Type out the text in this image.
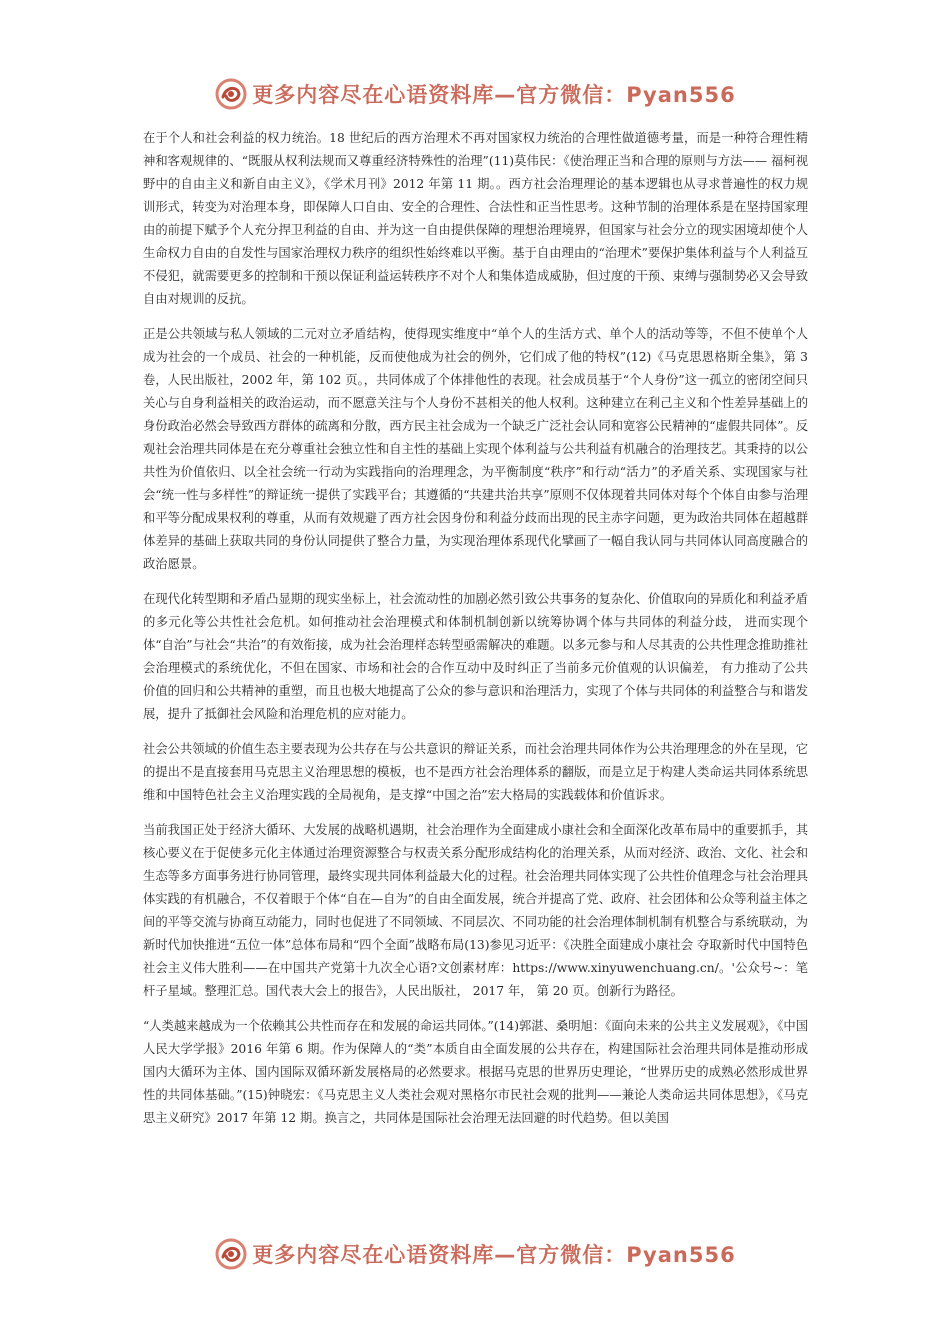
更多内容尽在心语资料库—官方微信：Pyan556

在于个人和社会利益的权力统治。18 世纪后的西方治理术不再对国家权力统治的合理性做道德考量，而是一种符合理性精神和客观规律的、“既服从权利法规而又尊重经济特殊性的治理”(11)莫伟民：《使治理正当和合理的原则与方法—— 福柯视野中的自由主义和新自由主义》，《学术月刊》2012 年第 11 期。。西方社会治理理论的基本逻辑也从寻求普遍性的权力规训形式，转变为对治理本身，即保障人口自由、安全的合理性、合法性和正当性思考。这种节制的治理体系是在坚持国家理由的前提下赋予个人充分捍卫利益的自由、并为这一自由提供保障的理想治理境界，但国家与社会分立的现实困境却使个人生命权力自由的自发性与国家治理权力秩序的组织性始终难以平衡。基于自由理由的“治理术”要保护集体利益与个人利益互不侵犯，就需要更多的控制和干预以保证利益运转秩序不对个人和集体造成威胁，但过度的干预、束缚与强制势必又会导致自由对规训的反抗。

正是公共领域与私人领域的二元对立矛盾结构，使得现实维度中“单个人的生活方式、单个人的活动等等，不但不使单个人成为社会的一个成员、社会的一种机能，反而使他成为社会的例外，它们成了他的特权”(12)《马克思恩格斯全集》，第 3 卷，人民出版社，2002 年，第 102 页。，共同体成了个体排他性的表现。社会成员基于“个人身份”这一孤立的密闭空间只关心与自身利益相关的政治运动，而不愿意关注与个人身份不甚相关的他人权利。这种建立在利己主义和个性差异基础上的身份政治必然会导致西方群体的疏离和分散，西方民主社会成为一个缺乏广泛社会认同和宽容公民精神的“虚假共同体”。反观社会治理共同体是在充分尊重社会独立性和自主性的基础上实现个体利益与公共利益有机融合的治理技艺。其秉持的以公共性为价值依归、以全社会统一行动为实践指向的治理理念，为平衡制度“秩序”和行动“活力”的矛盾关系、实现国家与社会“统一性与多样性”的辩证统一提供了实践平台；其遵循的“共建共治共享”原则不仅体现着共同体对每个个体自由参与治理和平等分配成果权利的尊重，从而有效规避了西方社会因身份和利益分歧而出现的民主赤字问题，更为政治共同体在超越群体差异的基础上获取共同的身份认同提供了整合力量，为实现治理体系现代化擘画了一幅自我认同与共同体认同高度融合的政治愿景。

在现代化转型期和矛盾凸显期的现实坐标上，社会流动性的加剧必然引致公共事务的复杂化、价值取向的异质化和利益矛盾的多元化等公共性社会危机。如何推动社会治理模式和体制机制创新以统筹协调个体与共同体的利益分歧， 进而实现个体“自治”与社会“共治”的有效衔接，成为社会治理样态转型亟需解决的难题。以多元参与和人尽其责的公共性理念推助推社会治理模式的系统优化，不但在国家、市场和社会的合作互动中及时纠正了当前多元价值观的认识偏差， 有力推动了公共价值的回归和公共精神的重塑，而且也极大地提高了公众的参与意识和治理活力，实现了个体与共同体的利益整合与和谐发展，提升了抵御社会风险和治理危机的应对能力。

社会公共领域的价值生态主要表现为公共存在与公共意识的辩证关系，而社会治理共同体作为公共治理理念的外在呈现，它的提出不是直接套用马克思主义治理思想的模板，也不是西方社会治理体系的翻版，而是立足于构建人类命运共同体系统思维和中国特色社会主义治理实践的全局视角，是支撑“中国之治”宏大格局的实践载体和价值诉求。

当前我国正处于经济大循环、大发展的战略机遇期，社会治理作为全面建成小康社会和全面深化改革布局中的重要抓手，其核心要义在于促使多元化主体通过治理资源整合与权责关系分配形成结构化的治理关系，从而对经济、政治、文化、社会和生态等多方面事务进行协同管理，最终实现共同体利益最大化的过程。社会治理共同体实现了公共性价值理念与社会治理具体实践的有机融合，不仅着眼于个体“自在—自为”的自由全面发展，统合并提高了党、政府、社会团体和公众等利益主体之间的平等交流与协商互动能力，同时也促进了不同领域、不同层次、不同功能的社会治理体制机制有机整合与系统联动，为新时代加快推进“五位一体”总体布局和“四个全面”战略布局(13)参见习近平：《决胜全面建成小康社会 夺取新时代中国特色社会主义伟大胜利——在中国共产党第十九次全心语?文创素材库：https://www.xinyuwenchuang.cn/。'公众号~：笔杆子星域。整理汇总。国代表大会上的报告》，人民出版社， 2017 年， 第 20 页。创新行为路径。

“人类越来越成为一个依赖其公共性而存在和发展的命运共同体。”(14)郭湛、桑明旭：《面向未来的公共主义发展观》，《中国人民大学学报》2016 年第 6 期。作为保障人的“类”本质自由全面发展的公共存在，构建国际社会治理共同体是推动形成国内大循环为主体、国内国际双循环新发展格局的必然要求。根据马克思的世界历史理论，“世界历史的成熟必然形成世界性的共同体基础。”(15)钟晓宏：《马克思主义人类社会观对黑格尔市民社会观的批判——兼论人类命运共同体思想》，《马克思主义研究》2017 年第 12 期。换言之，共同体是国际社会治理无法回避的时代趋势。但以美国

更多内容尽在心语资料库—官方微信：Pyan556
